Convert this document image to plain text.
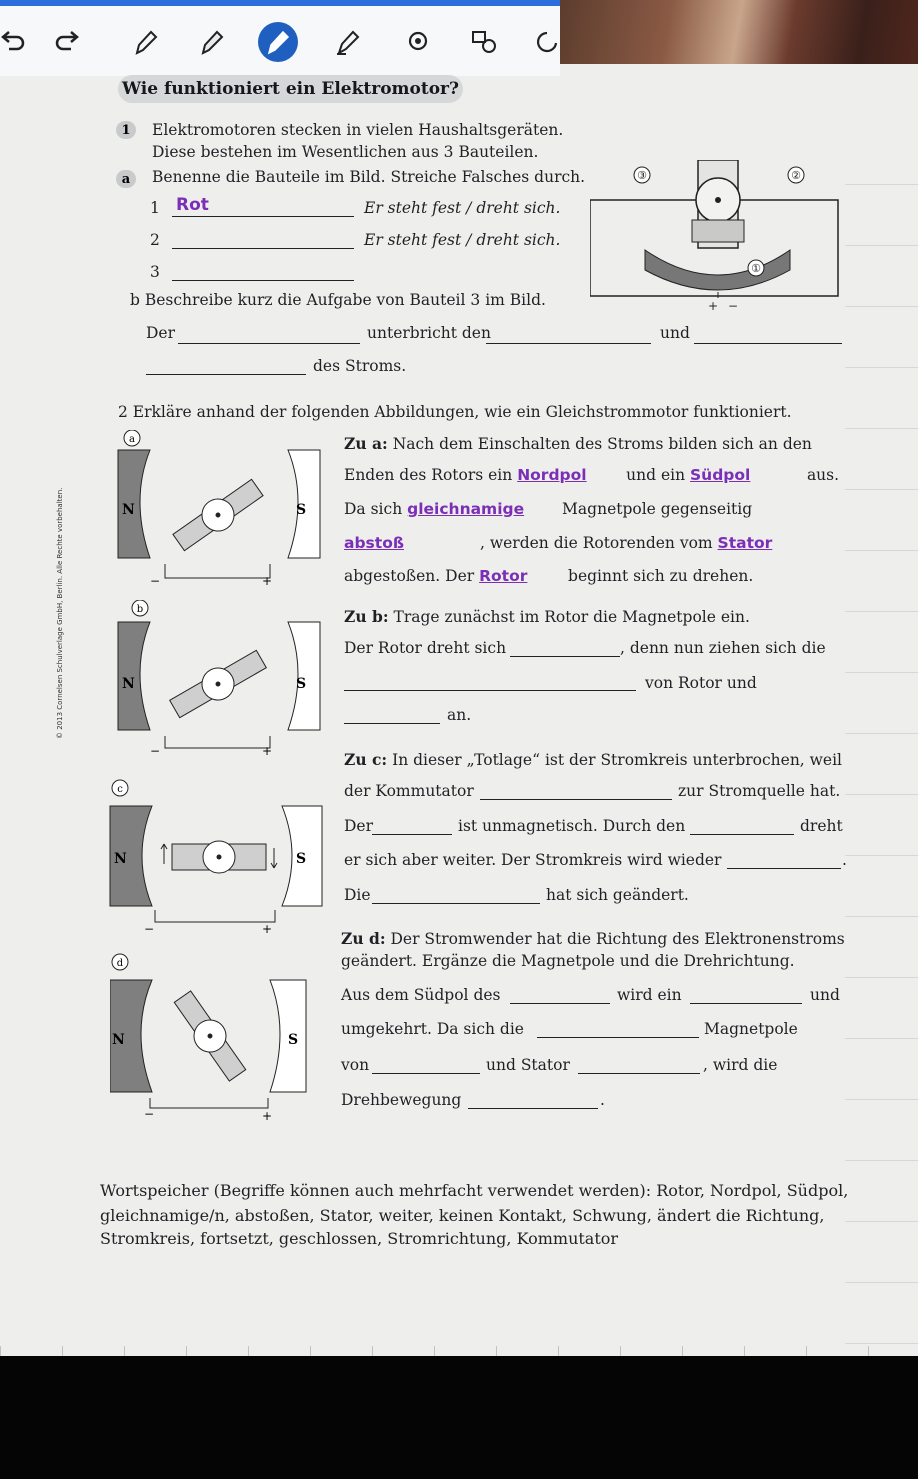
Wie funktioniert ein Elektromotor?
1	Elektromotoren stecken in vielen Haushaltsgeräten.
Diese bestehen im Wesentlichen aus 3 Bauteilen.
a	Benenne die Bauteile im Bild. Streiche Falsches durch.
1 Rot	Er steht fest / dreht sich.
2	Er steht fest / dreht sich.
3
b Beschreibe kurz die Aufgabe von Bauteil 3 im Bild.
Der	unterbricht den	und
des Stroms.
③	②
①
+ −
2 Erkläre anhand der folgenden Abbildungen, wie ein Gleichstrommotor funktioniert.
a
N	S
−	+
Zu a: Nach dem Einschalten des Stroms bilden sich an den
Enden des Rotors ein Nordpol	und ein Südpol	aus.
Da sich gleichnamige Magnetpole gegenseitig
abstoß	, werden die Rotorenden vom Stator
abgestoßen. Der Rotor	beginnt sich zu drehen.
b
N	S
−	+
Zu b: Trage zunächst im Rotor die Magnetpole ein.
Der Rotor dreht sich	, denn nun ziehen sich die
von Rotor und
an.
c
N	S
−	+
Zu c: In dieser „Totlage“ ist der Stromkreis unterbrochen, weil
der Kommutator	zur Stromquelle hat.
Der	ist unmagnetisch. Durch den	dreht
er sich aber weiter. Der Stromkreis wird wieder	.
Die	hat sich geändert.
d
N	S
−	+
Zu d: Der Stromwender hat die Richtung des Elektronenstroms
geändert. Ergänze die Magnetpole und die Drehrichtung.
Aus dem Südpol des	wird ein	und
umgekehrt. Da sich die	Magnetpole
von	und Stator	, wird die
Drehbewegung	.
Wortspeicher (Begriffe können auch mehrfacht verwendet werden): Rotor, Nordpol, Südpol,
gleichnamige/n, abstoßen, Stator, weiter, keinen Kontakt, Schwung, ändert die Richtung,
Stromkreis, fortsetzt, geschlossen, Stromrichtung, Kommutator
© 2013 Cornelsen Schulverlage GmbH, Berlin. Alle Rechte vorbehalten.
